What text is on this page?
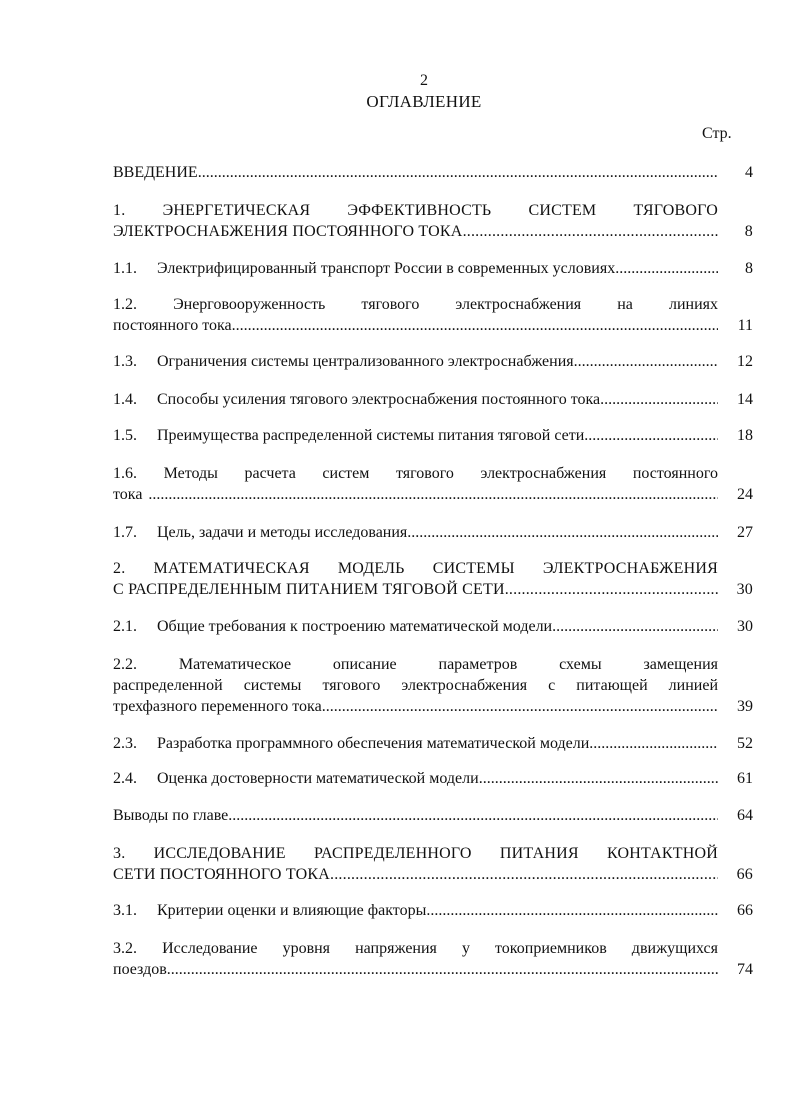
2
ОГЛАВЛЕНИЕ
Стр.
ВВЕДЕНИЕ .....	4
1. ЭНЕРГЕТИЧЕСКАЯ ЭФФЕКТИВНОСТЬ СИСТЕМ ТЯГОВОГО
ЭЛЕКТРОСНАБЖЕНИЯ ПОСТОЯННОГО ТОКА .....	8
1.1.	Электрифицированный транспорт России в современных условиях .....	8
1.2. Энерговооруженность тягового электроснабжения на линиях
постоянного тока .....	11
1.3.	Ограничения системы централизованного электроснабжения .....	12
1.4.	Способы усиления тягового электроснабжения постоянного тока .....	14
1.5.	Преимущества распределенной системы питания тяговой сети .....	18
1.6. Методы расчета систем тягового электроснабжения постоянного
тока .....	24
1.7.	Цель, задачи и методы исследования .....	27
2. МАТЕМАТИЧЕСКАЯ МОДЕЛЬ СИСТЕМЫ ЭЛЕКТРОСНАБЖЕНИЯ
С РАСПРЕДЕЛЕННЫМ ПИТАНИЕМ ТЯГОВОЙ СЕТИ .....	30
2.1.	Общие требования к построению математической модели .....	30
2.2.	Математическое описание параметров схемы замещения
распределенной системы тягового электроснабжения с питающей линией
трехфазного переменного тока .....	39
2.3.	Разработка программного обеспечения математической модели .....	52
2.4.	Оценка достоверности математической модели .....	61
Выводы по главе .....	64
3. ИССЛЕДОВАНИЕ РАСПРЕДЕЛЕННОГО ПИТАНИЯ КОНТАКТНОЙ
СЕТИ ПОСТОЯННОГО ТОКА .....	66
3.1.	Критерии оценки и влияющие факторы .....	66
3.2. Исследование уровня напряжения у токоприемников движущихся
поездов .....	74
